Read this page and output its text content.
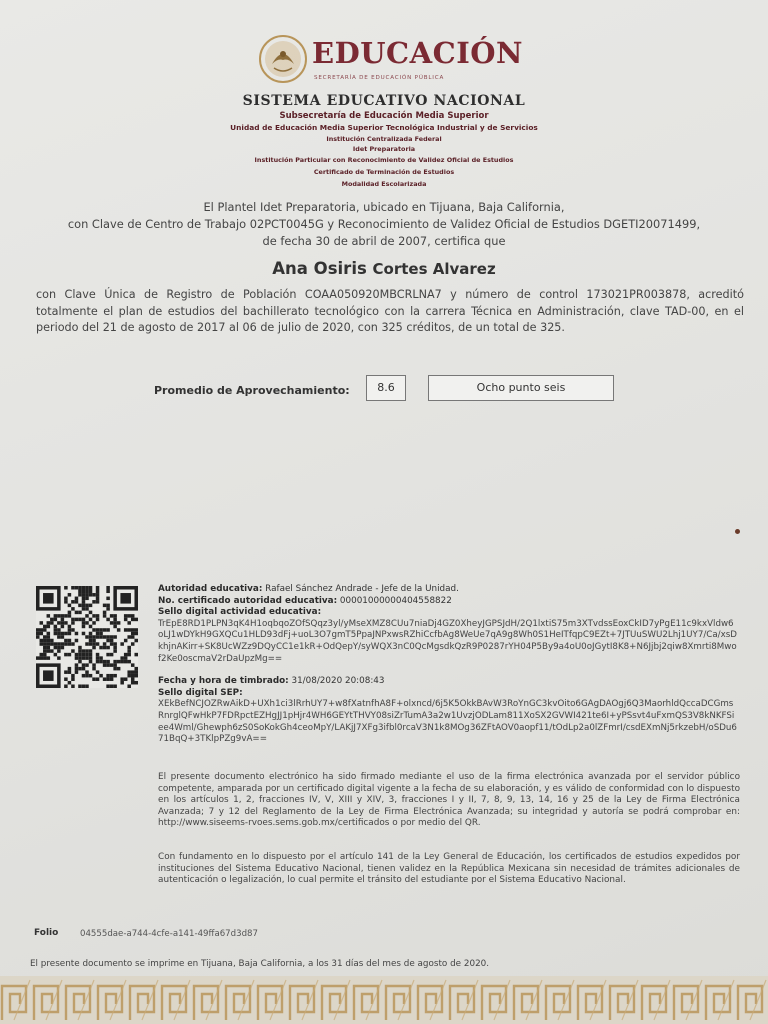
EDUCACIÓN
SECRETARÍA DE EDUCACIÓN PÚBLICA
SISTEMA EDUCATIVO NACIONAL
Subsecretaría de Educación Media Superior
Unidad de Educación Media Superior Tecnológica Industrial y de Servicios
Institución Centralizada Federal
Idet Preparatoria
Institución Particular con Reconocimiento de Validez Oficial de Estudios
Certificado de Terminación de Estudios
Modalidad Escolarizada
El Plantel Idet Preparatoria, ubicado en Tijuana, Baja California,
con Clave de Centro de Trabajo 02PCT0045G y Reconocimiento de Validez Oficial de Estudios DGETI20071499,
de fecha 30 de abril de 2007, certifica que
Ana Osiris Cortes Alvarez
con Clave Única de Registro de Población COAA050920MBCRLNA7 y número de control 173021PR003878, acreditó totalmente el plan de estudios del bachillerato tecnológico con la carrera Técnica en Administración, clave TAD-00, en el periodo del 21 de agosto de 2017 al 06 de julio de 2020, con 325 créditos, de un total de 325.
Promedio de Aprovechamiento:	8.6	Ocho punto seis
Autoridad educativa: Rafael Sánchez Andrade - Jefe de la Unidad.
No. certificado autoridad educativa: 00001000000404558822
Sello digital actividad educativa:
TrEpE8RD1PLPN3qK4H1oqbqoZOfSQqz3yl/yMseXMZ8CUu7niaDj4GZ0XheyJGPSJdH/2Q1lxtiS75m3XTvdssEoxCkID7yPgE11c9kxVldw6oLJ1wDYkH9GXQCu1HLD93dFj+uoL3O7gmT5PpaJNPxwsRZhiCcfbAg8WeUe7qA9g8Wh0S1HeITfqpC9EZt+7JTUuSWU2Lhj1UY7/Ca/xsDkhjnAKirr+SK8UcWZz9DQyCC1e1kR+OdQepY/syWQX3nC0QcMgsdkQzR9P0287rYH04P5By9a4oU0oJGytI8K8+N6Jjbj2qiw8Xmrti8Mwof2Ke0oscmaV2rDaUpzMg==
Fecha y hora de timbrado: 31/08/2020 20:08:43
Sello digital SEP:
XEkBefNCJOZRwAikD+UXh1ci3lRrhUY7+w8fXatnfhA8F+olxncd/6j5K5OkkBAvW3RoYnGC3kvOito6GAgDAOgj6Q3MaorhldQccaDCGmsRnrglQFwHkP7FDRpctEZHgJJ1pHjr4WH6GEYtTHVY08siZrTumA3a2w1UvzjODLam811XoSX2GVWI421te6I+yPSsvt4uFxmQS3V8kNKFSiee4Wml/Ghewph6zS0SoKokGh4ceoMpY/LAKjJ7XFg3ifbl0rcaV3N1k8MOg36ZFtAOV0aopf11/tOdLp2a0lZFmrI/csdEXmNj5rkzebH/oSDu671BqQ+3TKlpPZg9vA==
El presente documento electrónico ha sido firmado mediante el uso de la firma electrónica avanzada por el servidor público competente, amparada por un certificado digital vigente a la fecha de su elaboración, y es válido de conformidad con lo dispuesto en los artículos 1, 2, fracciones IV, V, XIII y XIV, 3, fracciones I y II, 7, 8, 9, 13, 14, 16 y 25 de la Ley de Firma Electrónica Avanzada; 7 y 12 del Reglamento de la Ley de Firma Electrónica Avanzada; su integridad y autoría se podrá comprobar en: http://www.siseems-rvoes.sems.gob.mx/certificados o por medio del QR.
Con fundamento en lo dispuesto por el artículo 141 de la Ley General de Educación, los certificados de estudios expedidos por instituciones del Sistema Educativo Nacional, tienen validez en la República Mexicana sin necesidad de trámites adicionales de autenticación o legalización, lo cual permite el tránsito del estudiante por el Sistema Educativo Nacional.
Folio	04555dae-a744-4cfe-a141-49ffa67d3d87
El presente documento se imprime en Tijuana, Baja California, a los 31 días del mes de agosto de 2020.
